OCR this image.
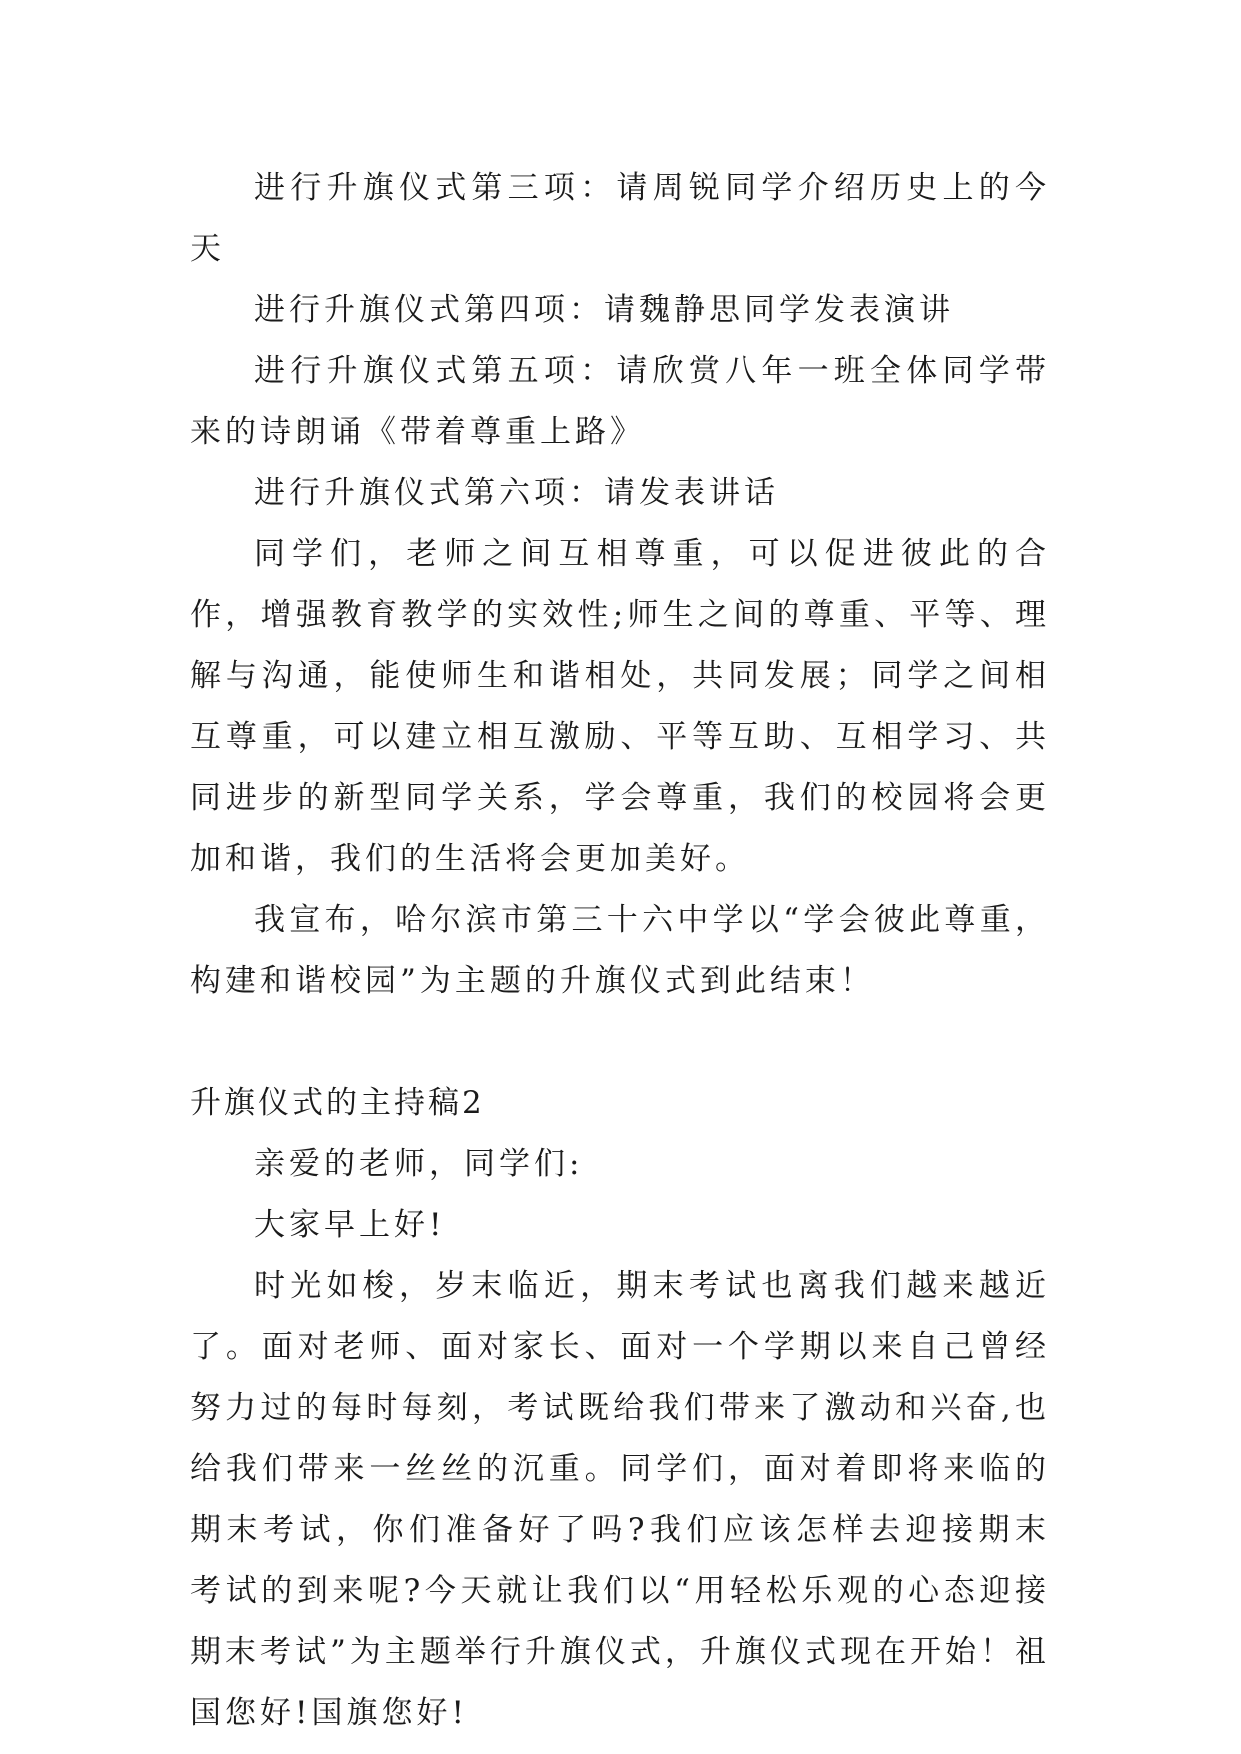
进行升旗仪式第三项：请周锐同学介绍历史上的今天

进行升旗仪式第四项：请魏静思同学发表演讲

进行升旗仪式第五项：请欣赏八年一班全体同学带来的诗朗诵《带着尊重上路》

进行升旗仪式第六项：请发表讲话

同学们，老师之间互相尊重，可以促进彼此的合作，增强教育教学的实效性;师生之间的尊重、平等、理解与沟通，能使师生和谐相处，共同发展；同学之间相互尊重，可以建立相互激励、平等互助、互相学习、共同进步的新型同学关系，学会尊重，我们的校园将会更加和谐，我们的生活将会更加美好。

我宣布，哈尔滨市第三十六中学以“学会彼此尊重，构建和谐校园”为主题的升旗仪式到此结束！

升旗仪式的主持稿2

亲爱的老师，同学们:

大家早上好!

时光如梭，岁末临近，期末考试也离我们越来越近了。面对老师、面对家长、面对一个学期以来自己曾经努力过的每时每刻，考试既给我们带来了激动和兴奋,也给我们带来一丝丝的沉重。同学们，面对着即将来临的期末考试，你们准备好了吗?我们应该怎样去迎接期末考试的到来呢?今天就让我们以“用轻松乐观的心态迎接期末考试”为主题举行升旗仪式，升旗仪式现在开始！祖国您好!国旗您好!
